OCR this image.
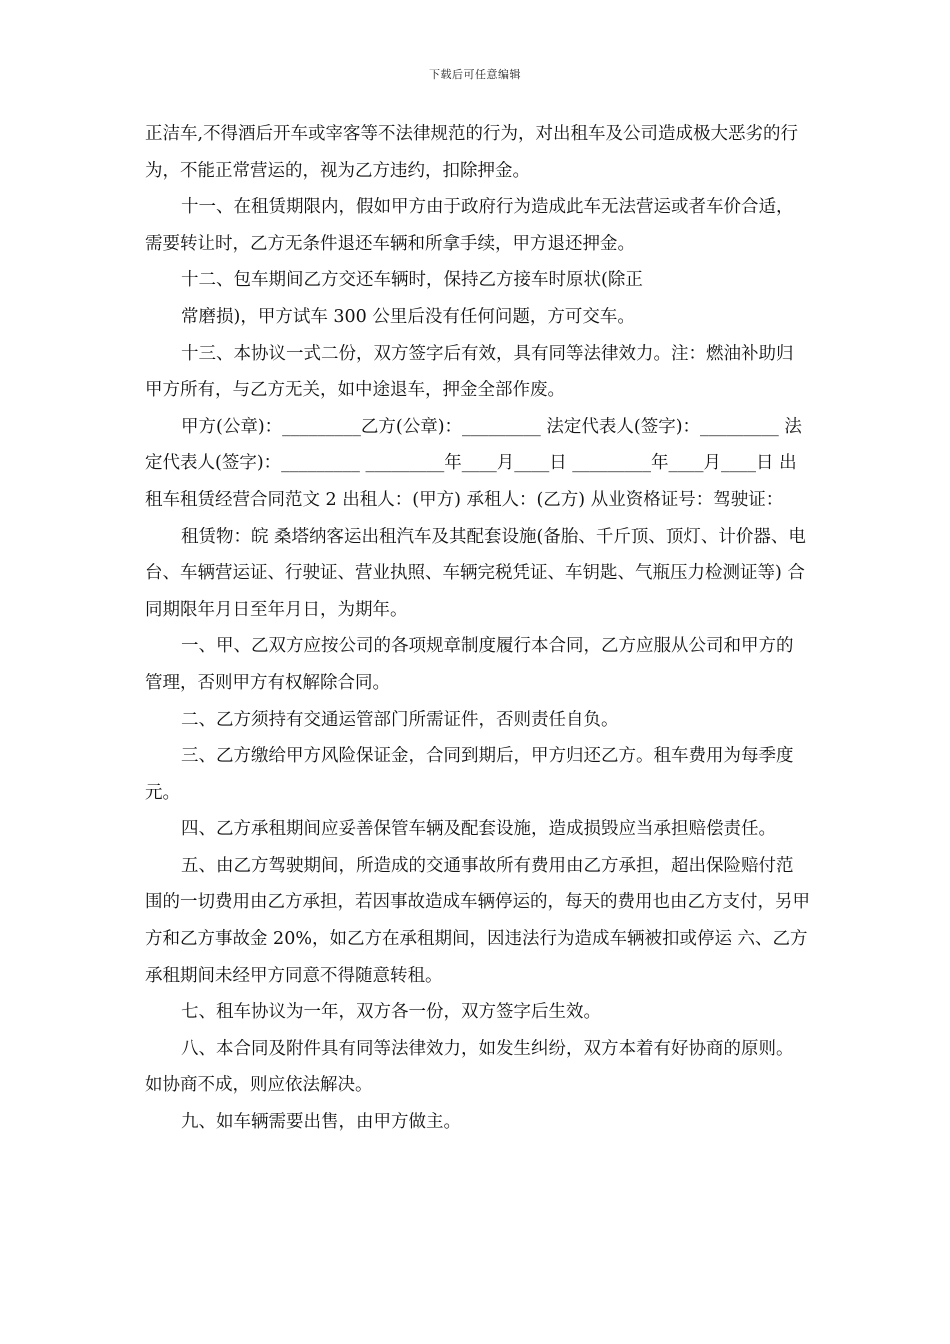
下载后可任意编辑

正洁车,不得酒后开车或宰客等不法律规范的行为，对出租车及公司造成极大恶劣的行为，不能正常营运的，视为乙方违约，扣除押金。

十一、在租赁期限内，假如甲方由于政府行为造成此车无法营运或者车价合适，需要转让时，乙方无条件退还车辆和所拿手续，甲方退还押金。

十二、包车期间乙方交还车辆时，保持乙方接车时原状(除正

常磨损)，甲方试车 300 公里后没有任何问题，方可交车。

十三、本协议一式二份，双方签字后有效，具有同等法律效力。注：燃油补助归甲方所有，与乙方无关，如中途退车，押金全部作废。

甲方(公章)：_________乙方(公章)：_________ 法定代表人(签字)：_________ 法定代表人(签字)：_________ _________年____月____日 _________年____月____日 出租车租赁经营合同范文 2 出租人：(甲方) 承租人：(乙方) 从业资格证号：驾驶证：

租赁物：皖 桑塔纳客运出租汽车及其配套设施(备胎、千斤顶、顶灯、计价器、电台、车辆营运证、行驶证、营业执照、车辆完税凭证、车钥匙、气瓶压力检测证等) 合同期限年月日至年月日，为期年。

一、甲、乙双方应按公司的各项规章制度履行本合同，乙方应服从公司和甲方的管理，否则甲方有权解除合同。

二、乙方须持有交通运管部门所需证件，否则责任自负。

三、乙方缴给甲方风险保证金，合同到期后，甲方归还乙方。租车费用为每季度元。

四、乙方承租期间应妥善保管车辆及配套设施，造成损毁应当承担赔偿责任。

五、由乙方驾驶期间，所造成的交通事故所有费用由乙方承担，超出保险赔付范围的一切费用由乙方承担，若因事故造成车辆停运的，每天的费用也由乙方支付，另甲方和乙方事故金 20%，如乙方在承租期间，因违法行为造成车辆被扣或停运 六、乙方承租期间未经甲方同意不得随意转租。

七、租车协议为一年，双方各一份，双方签字后生效。

八、本合同及附件具有同等法律效力，如发生纠纷，双方本着有好协商的原则。如协商不成，则应依法解决。

九、如车辆需要出售，由甲方做主。
